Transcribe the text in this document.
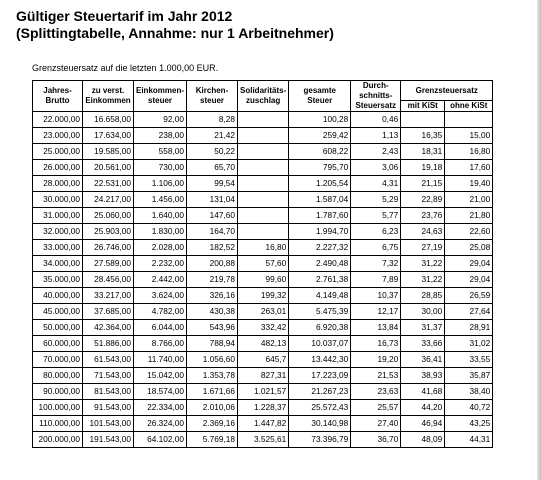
Gültiger Steuertarif im Jahr 2012
(Splittingtabelle, Annahme: nur 1 Arbeitnehmer)
Grenzsteuersatz auf die letzten 1.000,00 EUR.
Jahres-Brutto	zu verst. Einkommen	Einkommen-steuer	Kirchen-steuer	Solidaritäts-zuschlag	gesamte Steuer	Durch-schnitts-Steuersatz	Grenzsteuersatz	
							mit KiSt	ohne KiSt
22.000,00	16.658,00	92,00	8,28		100,28	0,46		
23.000,00	17.634,00	238,00	21,42		259,42	1,13	16,35	15,00
25.000,00	19.585,00	558,00	50,22		608,22	2,43	18,31	16,80
26.000,00	20.561,00	730,00	65,70		795,70	3,06	19,18	17,60
28.000,00	22.531,00	1.106,00	99,54		1.205,54	4,31	21,15	19,40
30.000,00	24.217,00	1.456,00	131,04		1.587,04	5,29	22,89	21,00
31.000,00	25.060,00	1.640,00	147,60		1.787,60	5,77	23,76	21,80
32.000,00	25.903,00	1.830,00	164,70		1.994,70	6,23	24,63	22,60
33.000,00	26.746,00	2.028,00	182,52	16,80	2.227,32	6,75	27,19	25,08
34.000,00	27.589,00	2.232,00	200,88	57,60	2.490,48	7,32	31,22	29,04
35.000,00	28.456,00	2.442,00	219,78	99,60	2.761,38	7,89	31,22	29,04
40.000,00	33.217,00	3.624,00	326,16	199,32	4.149,48	10,37	28,85	26,59
45.000,00	37.685,00	4.782,00	430,38	263,01	5.475,39	12,17	30,00	27,64
50.000,00	42.364,00	6.044,00	543,96	332,42	6.920,38	13,84	31,37	28,91
60.000,00	51.886,00	8.766,00	788,94	482,13	10.037,07	16,73	33,66	31,02
70.000,00	61.543,00	11.740,00	1.056,60	645,7	13.442,30	19,20	36,41	33,55
80.000,00	71.543,00	15.042,00	1.353,78	827,31	17.223,09	21,53	38,93	35,87
90.000,00	81.543,00	18.574,00	1.671,66	1.021,57	21.267,23	23,63	41,68	38,40
100.000,00	91.543,00	22.334,00	2.010,06	1.228,37	25.572,43	25,57	44,20	40,72
110.000,00	101.543,00	26.324,00	2.369,16	1.447,82	30.140,98	27,40	46,94	43,25
200.000,00	191.543,00	64.102,00	5.769,18	3.525,61	73.396,79	36,70	48,09	44,31
